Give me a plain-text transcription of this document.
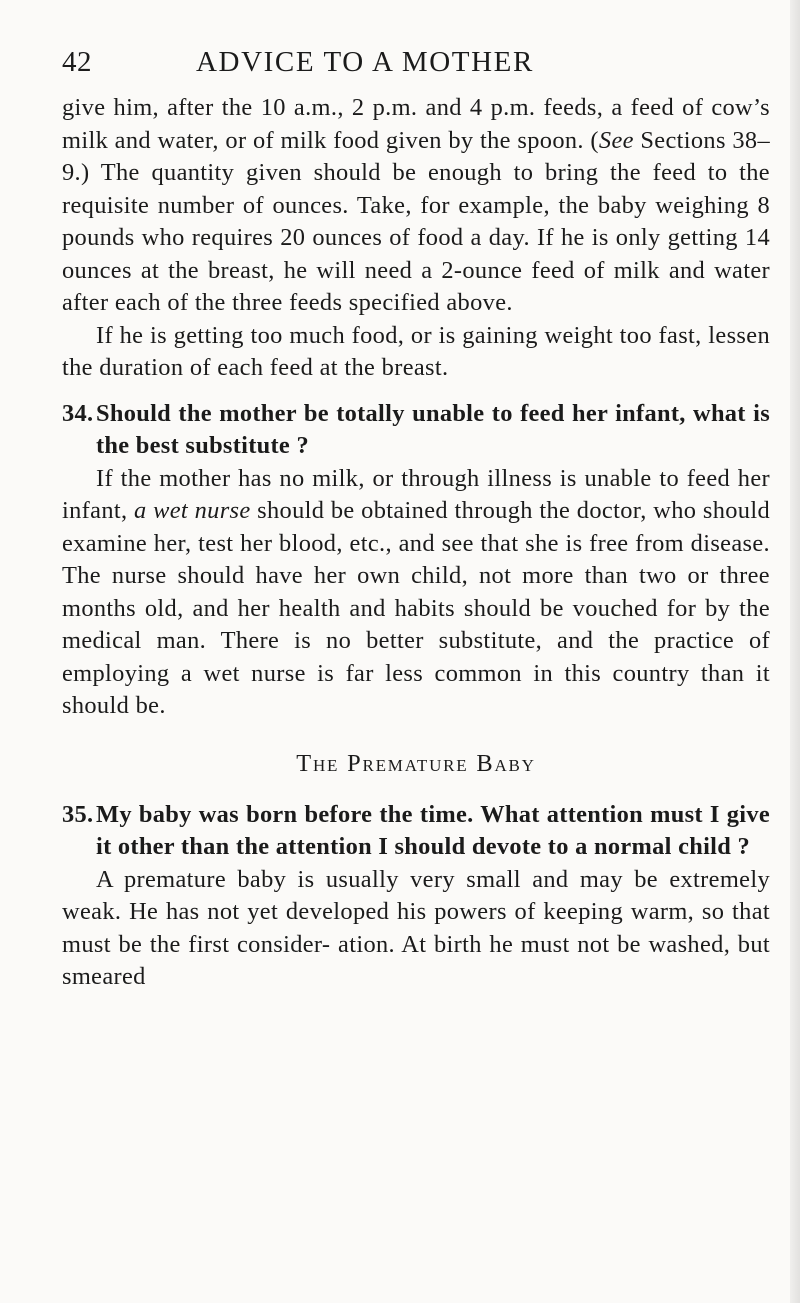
42	ADVICE TO A MOTHER

give him, after the 10 a.m., 2 p.m. and 4 p.m. feeds, a feed of cow’s milk and water, or of milk food given by the spoon. (See Sections 38–9.) The quantity given should be enough to bring the feed to the requisite number of ounces. Take, for example, the baby weighing 8 pounds who requires 20 ounces of food a day. If he is only getting 14 ounces at the breast, he will need a 2-ounce feed of milk and water after each of the three feeds specified above.

If he is getting too much food, or is gaining weight too fast, lessen the duration of each feed at the breast.

34. Should the mother be totally unable to feed her infant, what is the best substitute ?

If the mother has no milk, or through illness is unable to feed her infant, a wet nurse should be obtained through the doctor, who should examine her, test her blood, etc., and see that she is free from disease. The nurse should have her own child, not more than two or three months old, and her health and habits should be vouched for by the medical man. There is no better substitute, and the practice of employing a wet nurse is far less common in this country than it should be.

The Premature Baby

35. My baby was born before the time. What attention must I give it other than the attention I should devote to a normal child ?

A premature baby is usually very small and may be extremely weak. He has not yet developed his powers of keeping warm, so that must be the first consider- ation. At birth he must not be washed, but smeared
